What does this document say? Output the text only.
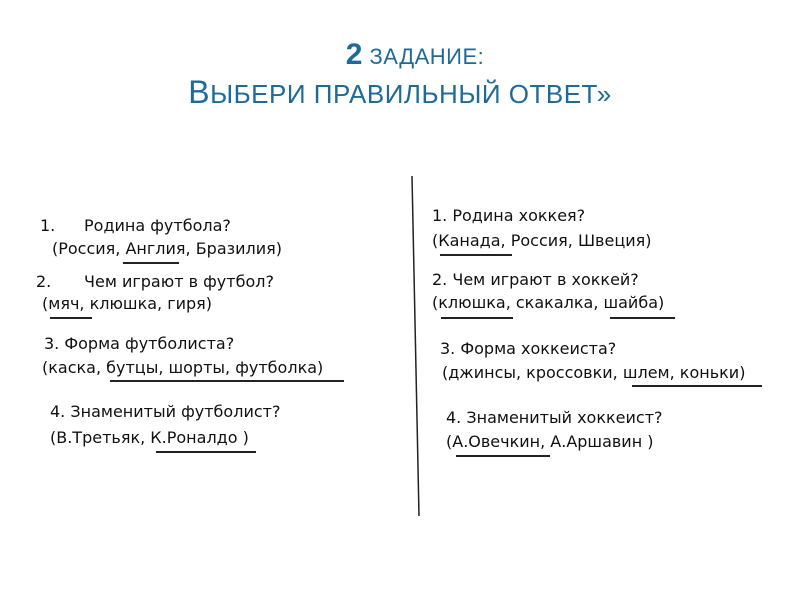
2 ЗАДАНИЕ:
ВЫБЕРИ ПРАВИЛЬНЫЙ ОТВЕТ»
1. Родина футбола?
(Россия, Англия, Бразилия)
2. Чем играют в футбол?
(мяч, клюшка, гиря)
3. Форма футболиста?
(каска, бутцы, шорты, футболка)
4. Знаменитый футболист?
(В.Третьяк, К.Роналдо )
1. Родина хоккея?
(Канада, Россия, Швеция)
2. Чем играют в хоккей?
(клюшка, скакалка, шайба)
3. Форма хоккеиста?
(джинсы, кроссовки, шлем, коньки)
4. Знаменитый хоккеист?
(А.Овечкин, А.Аршавин )
